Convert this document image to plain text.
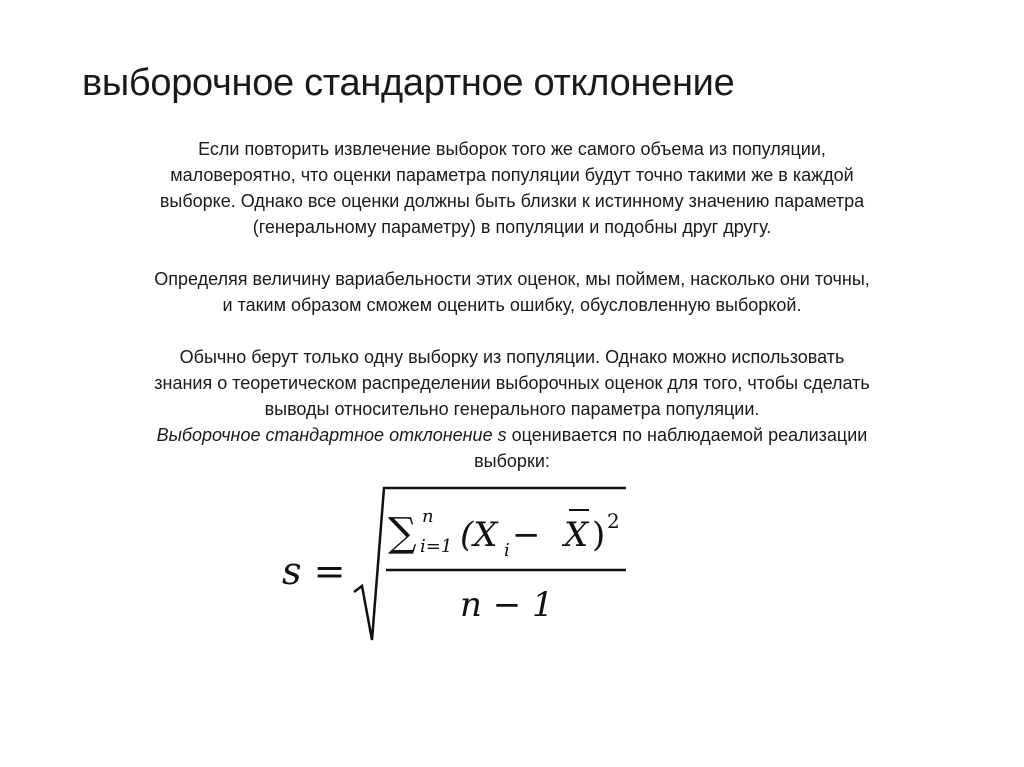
выборочное стандартное отклонение
Если повторить извлечение выборок того же самого объема из популяции,
маловероятно, что оценки параметра популяции будут точно такими же в каждой
выборке. Однако все оценки должны быть близки к истинному значению параметра
(генеральному параметру) в популяции и подобны друг другу.
Определяя величину вариабельности этих оценок, мы поймем, насколько они точны,
и таким образом сможем оценить ошибку, обусловленную выборкой.
Обычно берут только одну выборку из популяции. Однако можно использовать
знания о теоретическом распределении выборочных оценок для того, чтобы сделать
выводы относительно генерального параметра популяции.
Выборочное стандартное отклонение s оценивается по наблюдаемой реализации
выборки:
s =
∑ n
i=1 (X i − X ) 2
n − 1
